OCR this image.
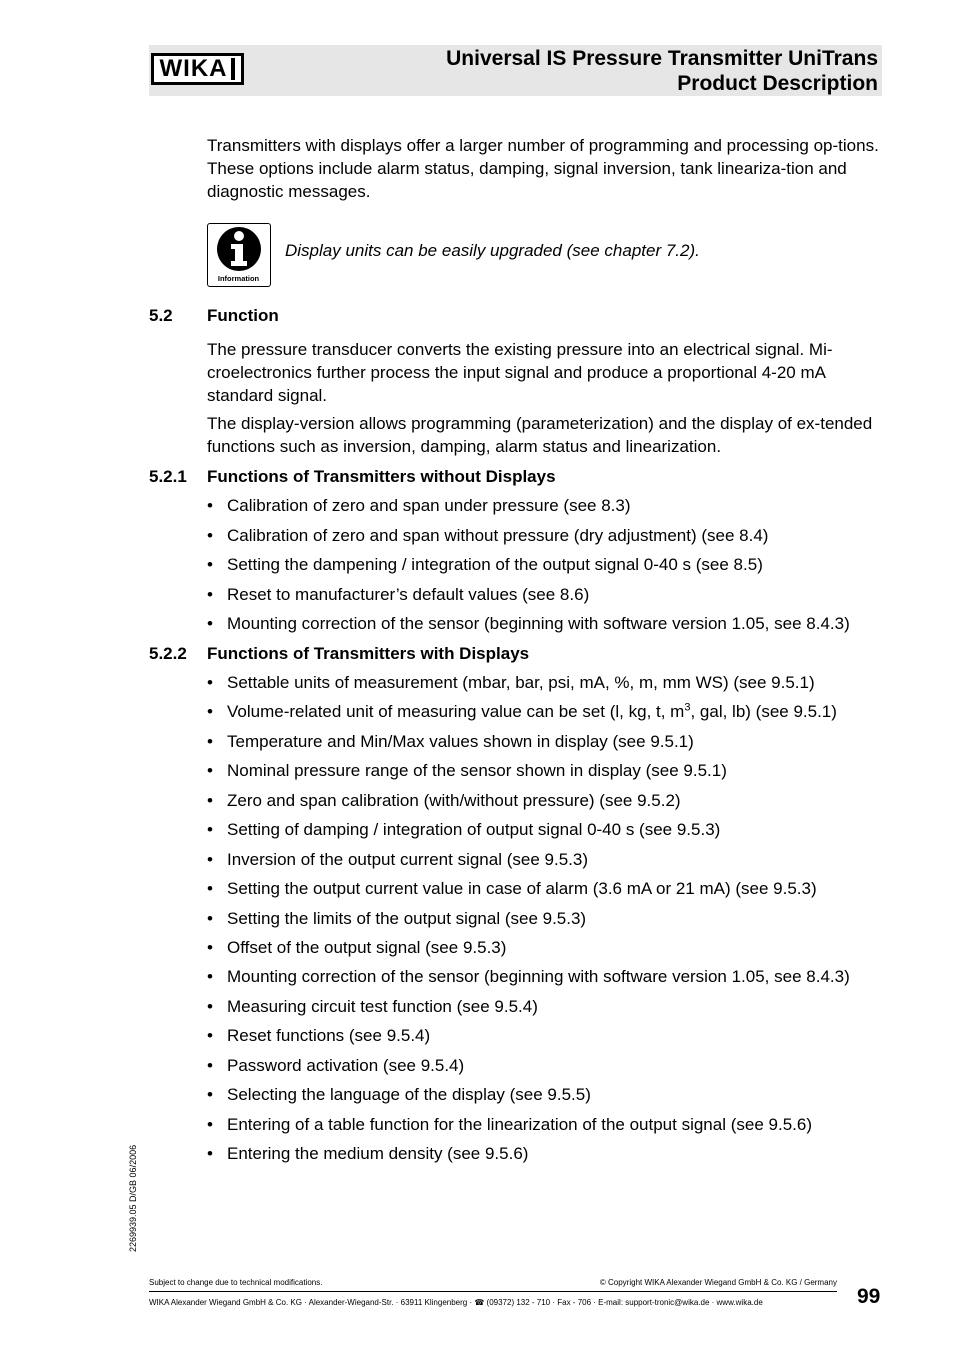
WIKA	Universal IS Pressure Transmitter UniTrans
Product Description
Transmitters with displays offer a larger number of programming and processing op-tions. These options include alarm status, damping, signal inversion, tank lineariza-tion and diagnostic messages.
Information
Display units can be easily upgraded (see chapter 7.2).
5.2 Function
The pressure transducer converts the existing pressure into an electrical signal. Mi-croelectronics further process the input signal and produce a proportional 4-20 mA standard signal.
The display-version allows programming (parameterization) and the display of ex-tended functions such as inversion, damping, alarm status and linearization.
5.2.1 Functions of Transmitters without Displays
• Calibration of zero and span under pressure (see 8.3)
• Calibration of zero and span without pressure (dry adjustment) (see 8.4)
• Setting the dampening / integration of the output signal 0-40 s (see 8.5)
• Reset to manufacturer’s default values (see 8.6)
• Mounting correction of the sensor (beginning with software version 1.05, see 8.4.3)
5.2.2 Functions of Transmitters with Displays
• Settable units of measurement (mbar, bar, psi, mA, %, m, mm WS) (see 9.5.1)
• Volume-related unit of measuring value can be set (l, kg, t, $m^3$, gal, lb) (see 9.5.1)
• Temperature and Min/Max values shown in display (see 9.5.1)
• Nominal pressure range of the sensor shown in display (see 9.5.1)
• Zero and span calibration (with/without pressure) (see 9.5.2)
• Setting of damping / integration of output signal 0-40 s (see 9.5.3)
• Inversion of the output current signal (see 9.5.3)
• Setting the output current value in case of alarm (3.6 mA or 21 mA) (see 9.5.3)
• Setting the limits of the output signal (see 9.5.3)
• Offset of the output signal (see 9.5.3)
• Mounting correction of the sensor (beginning with software version 1.05, see 8.4.3)
• Measuring circuit test function (see 9.5.4)
• Reset functions (see 9.5.4)
• Password activation (see 9.5.4)
• Selecting the language of the display (see 9.5.5)
• Entering of a table function for the linearization of the output signal (see 9.5.6)
• Entering the medium density (see 9.5.6)
2269939.05 D/GB 06/2006
Subject to change due to technical modifications.	© Copyright WIKA Alexander Wiegand GmbH & Co. KG / Germany
WIKA Alexander Wiegand GmbH & Co. KG · Alexander-Wiegand-Str. · 63911 Klingenberg · ☎ (09372) 132 - 710 · Fax - 706 · E-mail: support-tronic@wika.de · www.wika.de	99
